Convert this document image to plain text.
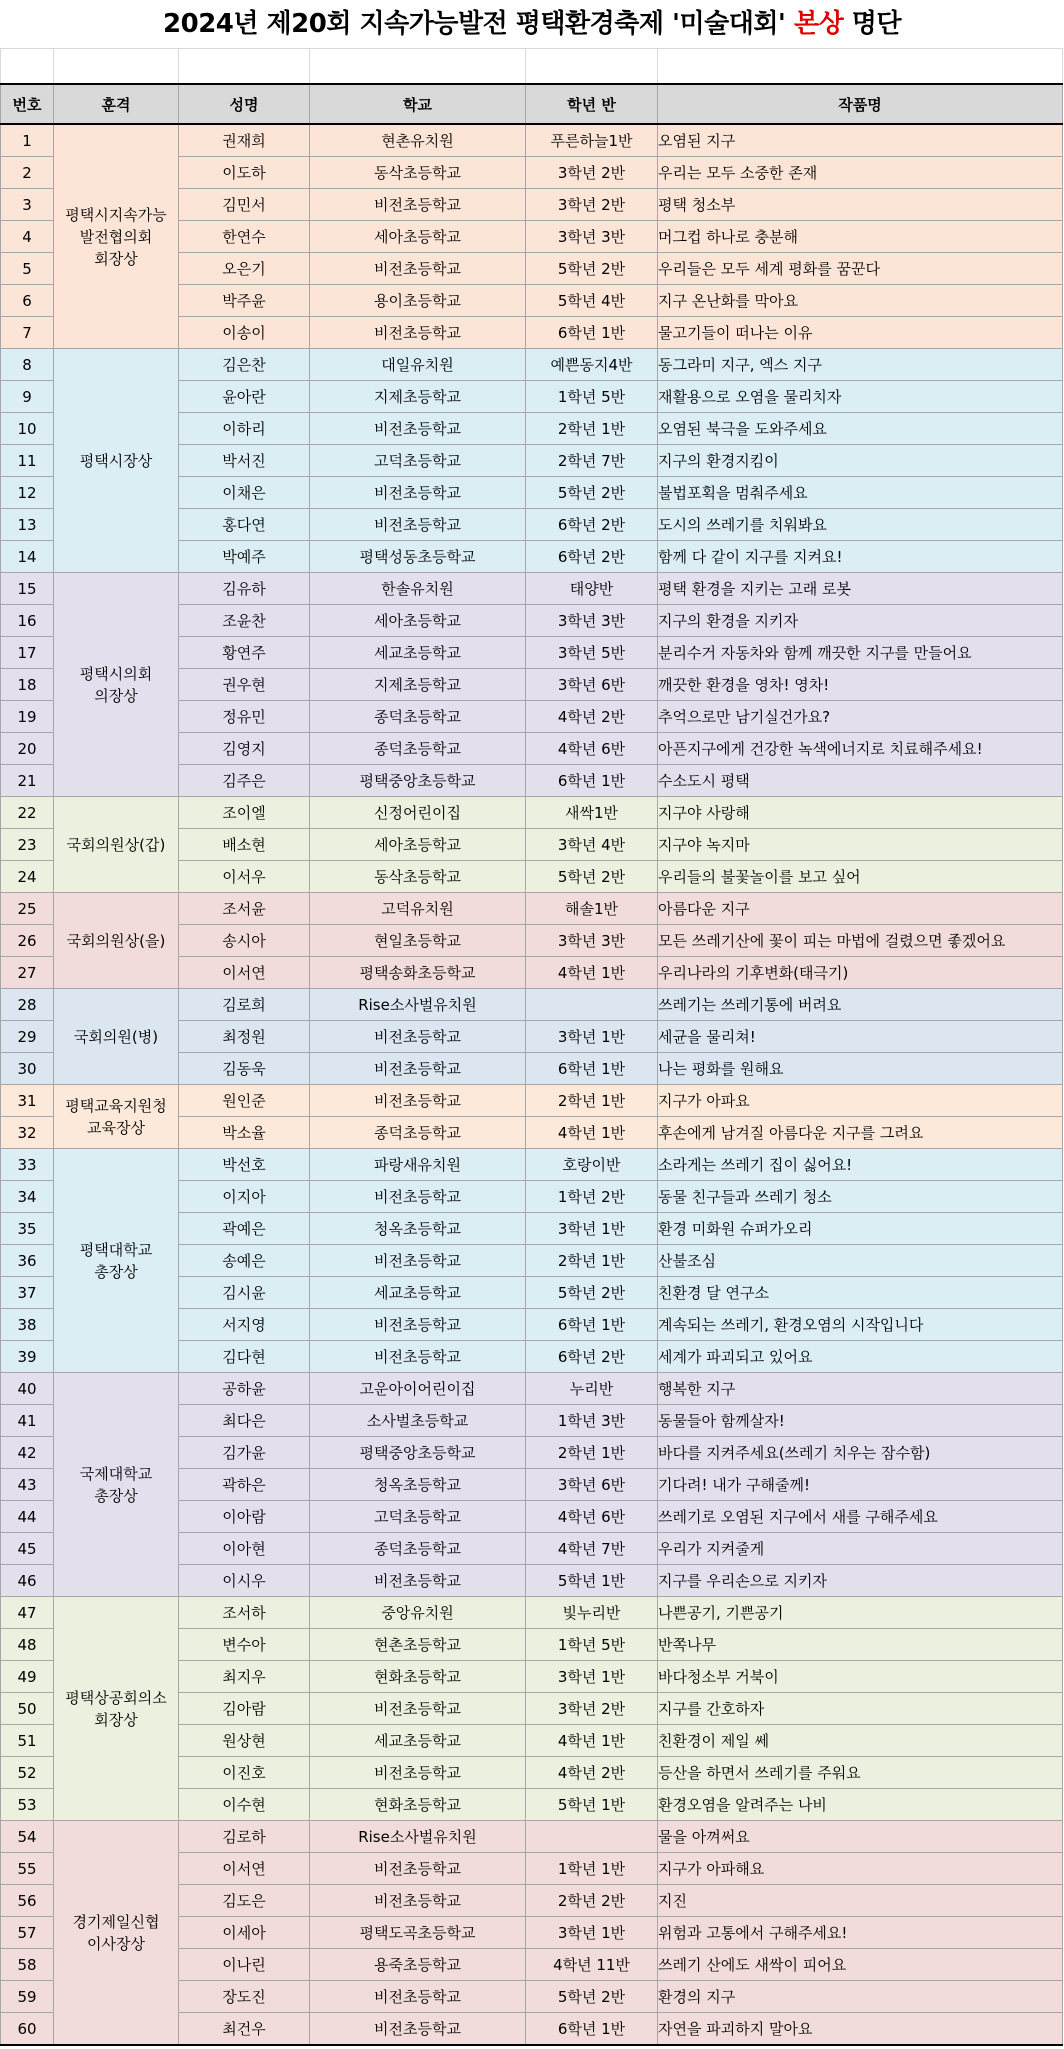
2024년 제20회 지속가능발전 평택환경축제 '미술대회' 본상 명단

번호	훈격	성명	학교	학년 반	작품명
1	평택시지속가능
발전협의회
회장상	권재희	현촌유치원	푸른하늘1반	오염된 지구
2		이도하	동삭초등학교	3학년 2반	우리는 모두 소중한 존재
3		김민서	비전초등학교	3학년 2반	평택 청소부
4		한연수	세아초등학교	3학년 3반	머그컵 하나로 충분해
5		오은기	비전초등학교	5학년 2반	우리들은 모두 세계 평화를 꿈꾼다
6		박주윤	용이초등학교	5학년 4반	지구 온난화를 막아요
7		이송이	비전초등학교	6학년 1반	물고기들이 떠나는 이유
8	평택시장상	김은찬	대일유치원	예쁜동지4반	동그라미 지구, 엑스 지구
9		윤아란	지제초등학교	1학년 5반	재활용으로 오염을 물리치자
10		이하리	비전초등학교	2학년 1반	오염된 북극을 도와주세요
11		박서진	고덕초등학교	2학년 7반	지구의 환경지킴이
12		이채은	비전초등학교	5학년 2반	불법포획을 멈춰주세요
13		홍다연	비전초등학교	6학년 2반	도시의 쓰레기를 치워봐요
14		박예주	평택성동초등학교	6학년 2반	함께 다 같이 지구를 지켜요!
15	평택시의회
의장상	김유하	한솔유치원	태양반	평택 환경을 지키는 고래 로봇
16		조윤찬	세아초등학교	3학년 3반	지구의 환경을 지키자
17		황연주	세교초등학교	3학년 5반	분리수거 자동차와 함께 깨끗한 지구를 만들어요
18		권우현	지제초등학교	3학년 6반	깨끗한 환경을 영차! 영차!
19		정유민	종덕초등학교	4학년 2반	추억으로만 남기실건가요?
20		김영지	종덕초등학교	4학년 6반	아픈지구에게 건강한 녹색에너지로 치료해주세요!
21		김주은	평택중앙초등학교	6학년 1반	수소도시 평택
22	국회의원상(갑)	조이엘	신정어린이집	새싹1반	지구야 사랑해
23		배소현	세아초등학교	3학년 4반	지구야 녹지마
24		이서우	동삭초등학교	5학년 2반	우리들의 불꽃놀이를 보고 싶어
25	국회의원상(을)	조서윤	고덕유치원	해솔1반	아름다운 지구
26		송시아	현일초등학교	3학년 3반	모든 쓰레기산에 꽃이 피는 마법에 걸렸으면 좋겠어요
27		이서연	평택송화초등학교	4학년 1반	우리나라의 기후변화(태극기)
28	국회의원(병)	김로희	Rise소사벌유치원		쓰레기는 쓰레기통에 버려요
29		최정원	비전초등학교	3학년 1반	세균을 물리쳐!
30		김동욱	비전초등학교	6학년 1반	나는 평화를 원해요
31	평택교육지원청
교육장상	원인준	비전초등학교	2학년 1반	지구가 아파요
32		박소율	종덕초등학교	4학년 1반	후손에게 남겨질 아름다운 지구를 그려요
33	평택대학교
총장상	박선호	파랑새유치원	호랑이반	소라게는 쓰레기 집이 싫어요!
34		이지아	비전초등학교	1학년 2반	동물 친구들과 쓰레기 청소
35		곽예은	청옥초등학교	3학년 1반	환경 미화원 슈퍼가오리
36		송예은	비전초등학교	2학년 1반	산불조심
37		김시윤	세교초등학교	5학년 2반	친환경 달 연구소
38		서지영	비전초등학교	6학년 1반	계속되는 쓰레기, 환경오염의 시작입니다
39		김다현	비전초등학교	6학년 2반	세계가 파괴되고 있어요
40	국제대학교
총장상	공하윤	고운아이어린이집	누리반	행복한 지구
41		최다은	소사벌초등학교	1학년 3반	동물들아 함께살자!
42		김가윤	평택중앙초등학교	2학년 1반	바다를 지켜주세요(쓰레기 치우는 잠수함)
43		곽하은	청옥초등학교	3학년 6반	기다려! 내가 구해줄께!
44		이아람	고덕초등학교	4학년 6반	쓰레기로 오염된 지구에서 새를 구해주세요
45		이아현	종덕초등학교	4학년 7반	우리가 지켜줄게
46		이시우	비전초등학교	5학년 1반	지구를 우리손으로 지키자
47	평택상공회의소
회장상	조서하	중앙유치원	빛누리반	나쁜공기, 기쁜공기
48		변수아	현촌초등학교	1학년 5반	반쪽나무
49		최지우	현화초등학교	3학년 1반	바다청소부 거북이
50		김아람	비전초등학교	3학년 2반	지구를 간호하자
51		원상현	세교초등학교	4학년 1반	친환경이 제일 쎄
52		이진호	비전초등학교	4학년 2반	등산을 하면서 쓰레기를 주워요
53		이수현	현화초등학교	5학년 1반	환경오염을 알려주는 나비
54	경기제일신협
이사장상	김로하	Rise소사벌유치원		물을 아껴써요
55		이서연	비전초등학교	1학년 1반	지구가 아파해요
56		김도은	비전초등학교	2학년 2반	지진
57		이세아	평택도곡초등학교	3학년 1반	위험과 고통에서 구해주세요!
58		이나린	용죽초등학교	4학년 11반	쓰레기 산에도 새싹이 피어요
59		장도진	비전초등학교	5학년 2반	환경의 지구
60		최건우	비전초등학교	6학년 1반	자연을 파괴하지 말아요
